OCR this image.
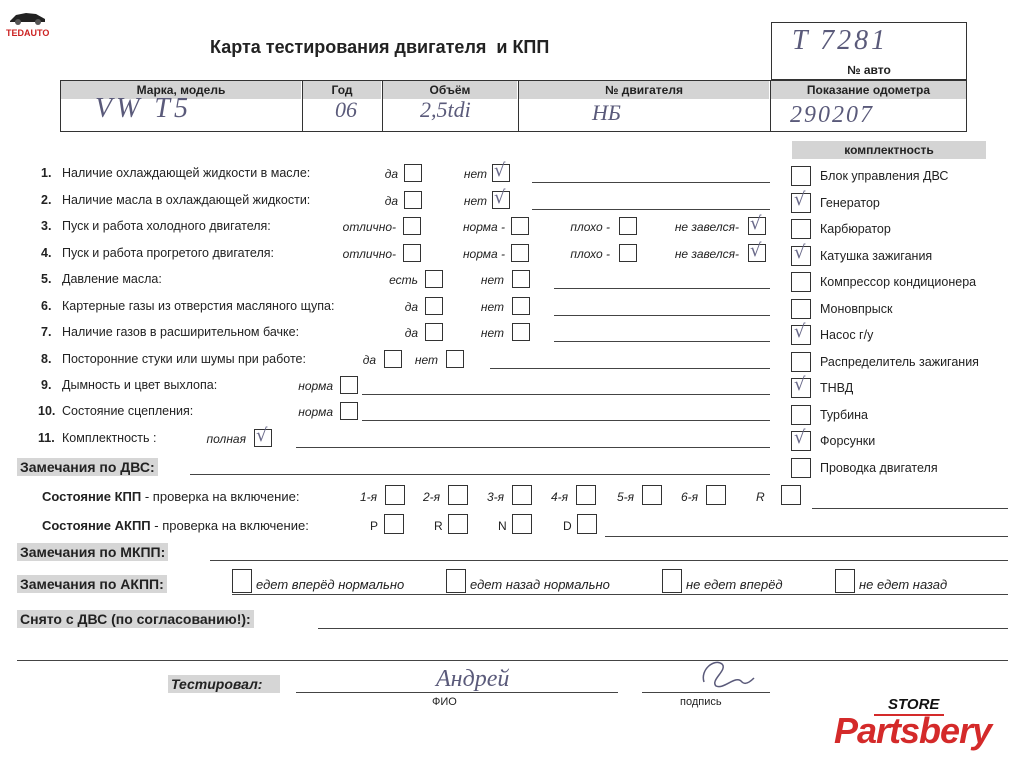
TEDAUTO
Карта тестирования двигателя  и КПП	T 7281
№ авто
Марка, модель	Год	Объём	№ двигателя	Показание одометра
VW T5	06	2,5tdi	НБ	290207
комплектность
Блок управления ДВС
√ Генератор
Карбюратор
√ Катушка зажигания
Компрессор кондиционера
Моновпрыск
√ Насос г/у
Распределитель зажигания
√ ТНВД
Турбина
√ Форсунки
Проводка двигателя
1. Наличие охлаждающей жидкости в масле:	да	нет √
2. Наличие масла в охлаждающей жидкости:	да	нет √
3. Пуск и работа холодного двигателя:	отлично-	норма -	плохо -	не завелся- √
4. Пуск и работа прогретого двигателя:	отлично-	норма -	плохо -	не завелся- √
5. Давление масла:	есть	нет
6. Картерные газы из отверстия масляного щупа:	да	нет
7. Наличие газов в расширительном бачке:	да	нет
8. Посторонние стуки или шумы при работе:	да	нет
9. Дымность и цвет выхлопа:	норма
10. Состояние сцепления:	норма
11. Комплектность :	полная √
Замечания по ДВС:
Состояние КПП - проверка на включение:	1-я	2-я	3-я	4-я	5-я	6-я	R
Состояние АКПП - проверка на включение:	P	R	N	D
Замечания по МКПП:
Замечания по АКПП:	едет вперёд нормально	едет назад нормально	не едет вперёд	не едет назад
Снято с ДВС (по согласованию!):
Тестировал:	Андрей
ФИО	подпись	STORE
Partsbery
